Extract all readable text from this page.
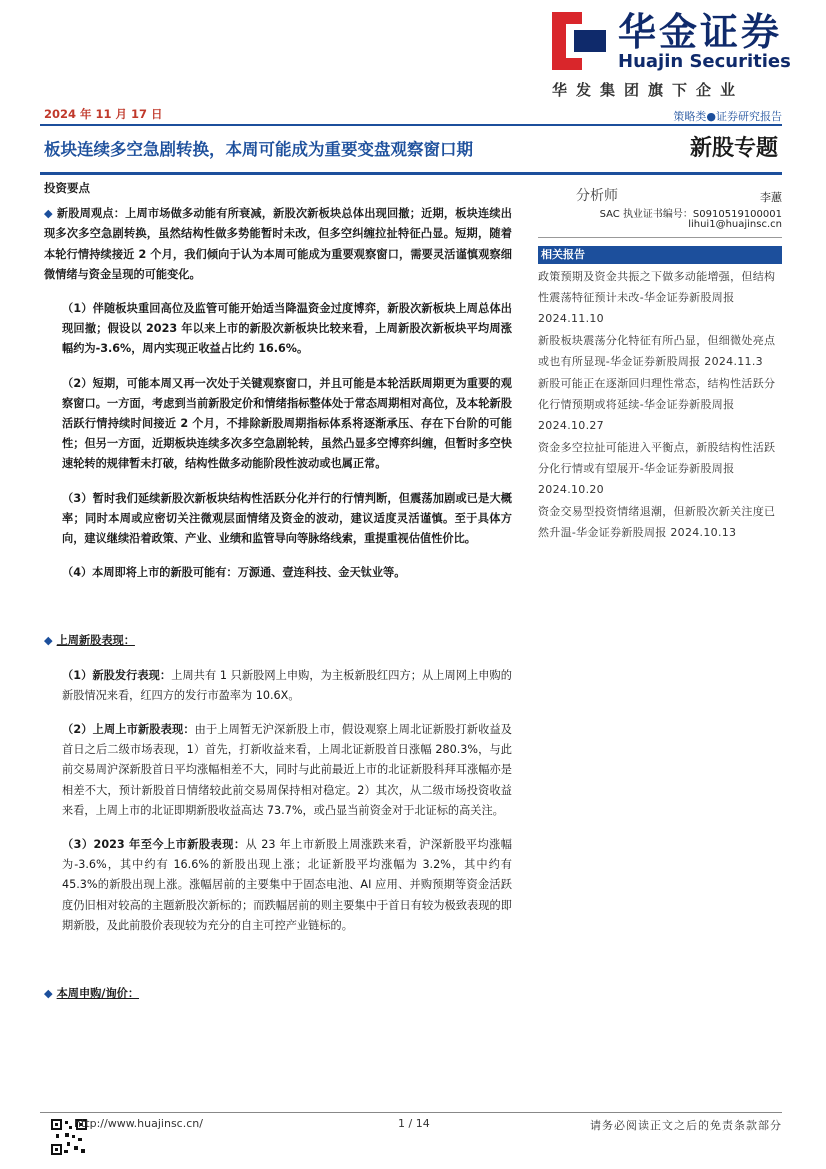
华金证券
Huajin Securities
华发集团旗下企业
2024 年 11 月 17 日	策略类●证券研究报告
板块连续多空急剧转换，本周可能成为重要变盘观察窗口期	新股专题
投资要点

◆ 新股周观点：上周市场做多动能有所衰减，新股次新板块总体出现回撤；近期，板块连续出现多次多空急剧转换，虽然结构性做多势能暂时未改，但多空纠缠拉扯特征凸显。短期，随着本轮行情持续接近 2 个月，我们倾向于认为本周可能成为重要观察窗口，需要灵活谨慎观察细微情绪与资金呈现的可能变化。

（1）伴随板块重回高位及监管可能开始适当降温资金过度博弈，新股次新板块上周总体出现回撤；假设以 2023 年以来上市的新股次新板块比较来看，上周新股次新板块平均周涨幅约为-3.6%，周内实现正收益占比约 16.6%。

（2）短期，可能本周又再一次处于关键观察窗口，并且可能是本轮活跃周期更为重要的观察窗口。一方面，考虑到当前新股定价和情绪指标整体处于常态周期相对高位，及本轮新股活跃行情持续时间接近 2 个月，不排除新股周期指标体系将逐渐承压、存在下台阶的可能性；但另一方面，近期板块连续多次多空急剧轮转，虽然凸显多空博弈纠缠，但暂时多空快速轮转的规律暂未打破，结构性做多动能阶段性波动或也属正常。

（3）暂时我们延续新股次新板块结构性活跃分化并行的行情判断，但震荡加剧或已是大概率；同时本周或应密切关注微观层面情绪及资金的波动，建议适度灵活谨慎。至于具体方向，建议继续沿着政策、产业、业绩和监管导向等脉络线索，重提重视估值性价比。

（4）本周即将上市的新股可能有：万源通、壹连科技、金天钛业等。

◆ 上周新股表现：

（1）新股发行表现：上周共有 1 只新股网上申购，为主板新股红四方；从上周网上申购的新股情况来看，红四方的发行市盈率为 10.6X。

（2）上周上市新股表现：由于上周暂无沪深新股上市，假设观察上周北证新股打新收益及首日之后二级市场表现，1）首先，打新收益来看，上周北证新股首日涨幅 280.3%，与此前交易周沪深新股首日平均涨幅相差不大，同时与此前最近上市的北证新股科拜耳涨幅亦是相差不大，预计新股首日情绪较此前交易周保持相对稳定。2）其次，从二级市场投资收益来看，上周上市的北证即期新股收益高达 73.7%，或凸显当前资金对于北证标的高关注。

（3）2023 年至今上市新股表现：从 23 年上市新股上周涨跌来看，沪深新股平均涨幅为-3.6%，其中约有 16.6%的新股出现上涨；北证新股平均涨幅为 3.2%，其中约有 45.3%的新股出现上涨。涨幅居前的主要集中于固态电池、AI 应用、并购预期等资金活跃度仍旧相对较高的主题新股次新标的；而跌幅居前的则主要集中于首日有较为极致表现的即期新股，及此前股价表现较为充分的自主可控产业链标的。

◆ 本周申购/询价：

分析师	李蕙
SAC 执业证书编号：S0910519100001
lihui1@huajinsc.cn
相关报告
政策预期及资金共振之下做多动能增强，但结构性震荡特征预计未改-华金证券新股周报 2024.11.10
新股板块震荡分化特征有所凸显，但细微处亮点或也有所显现-华金证券新股周报 2024.11.3
新股可能正在逐渐回归理性常态，结构性活跃分化行情预期或将延续-华金证券新股周报 2024.10.27
资金多空拉扯可能进入平衡点，新股结构性活跃分化行情或有望展开-华金证券新股周报 2024.10.20
资金交易型投资情绪退潮，但新股次新关注度已然升温-华金证券新股周报 2024.10.13
http://www.huajinsc.cn/	1 / 14	请务必阅读正文之后的免责条款部分
